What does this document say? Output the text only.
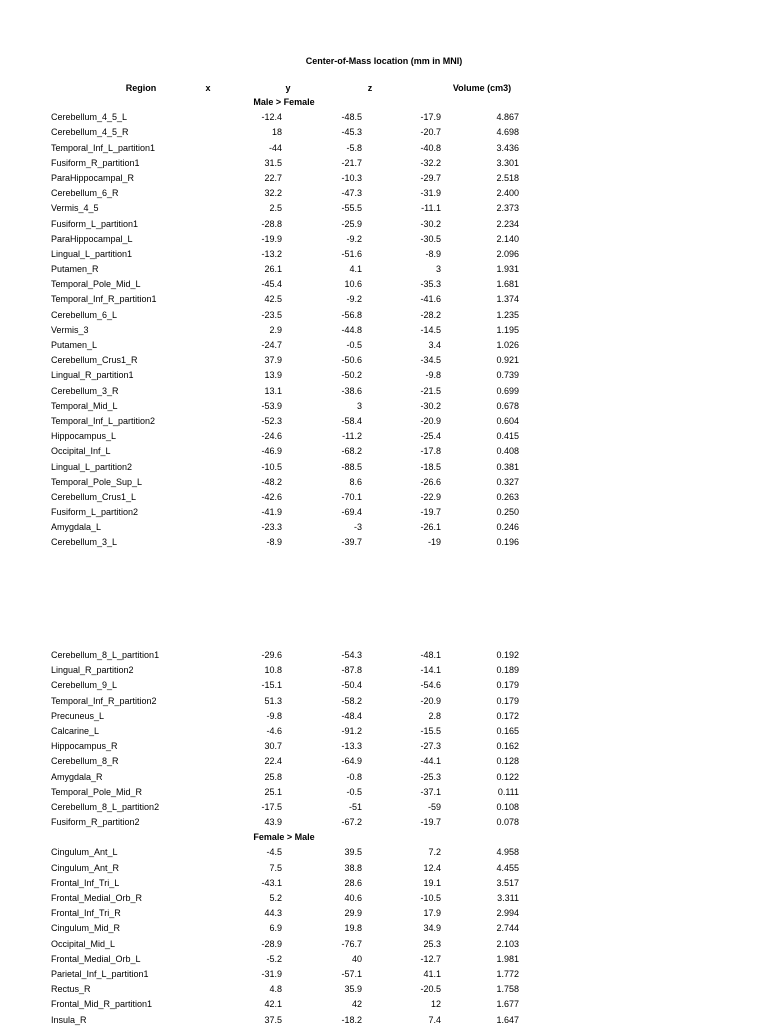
Center-of-Mass location (mm in MNI)
Region	x	y	z	Volume (cm3)
Male > Female
Cerebellum_4_5_L	-12.4	-48.5	-17.9	4.867
Cerebellum_4_5_R	18	-45.3	-20.7	4.698
Temporal_Inf_L_partition1	-44	-5.8	-40.8	3.436
Fusiform_R_partition1	31.5	-21.7	-32.2	3.301
ParaHippocampal_R	22.7	-10.3	-29.7	2.518
Cerebellum_6_R	32.2	-47.3	-31.9	2.400
Vermis_4_5	2.5	-55.5	-11.1	2.373
Fusiform_L_partition1	-28.8	-25.9	-30.2	2.234
ParaHippocampal_L	-19.9	-9.2	-30.5	2.140
Lingual_L_partition1	-13.2	-51.6	-8.9	2.096
Putamen_R	26.1	4.1	3	1.931
Temporal_Pole_Mid_L	-45.4	10.6	-35.3	1.681
Temporal_Inf_R_partition1	42.5	-9.2	-41.6	1.374
Cerebellum_6_L	-23.5	-56.8	-28.2	1.235
Vermis_3	2.9	-44.8	-14.5	1.195
Putamen_L	-24.7	-0.5	3.4	1.026
Cerebellum_Crus1_R	37.9	-50.6	-34.5	0.921
Lingual_R_partition1	13.9	-50.2	-9.8	0.739
Cerebellum_3_R	13.1	-38.6	-21.5	0.699
Temporal_Mid_L	-53.9	3	-30.2	0.678
Temporal_Inf_L_partition2	-52.3	-58.4	-20.9	0.604
Hippocampus_L	-24.6	-11.2	-25.4	0.415
Occipital_Inf_L	-46.9	-68.2	-17.8	0.408
Lingual_L_partition2	-10.5	-88.5	-18.5	0.381
Temporal_Pole_Sup_L	-48.2	8.6	-26.6	0.327
Cerebellum_Crus1_L	-42.6	-70.1	-22.9	0.263
Fusiform_L_partition2	-41.9	-69.4	-19.7	0.250
Amygdala_L	-23.3	-3	-26.1	0.246
Cerebellum_3_L	-8.9	-39.7	-19	0.196
Cerebellum_8_L_partition1	-29.6	-54.3	-48.1	0.192
Lingual_R_partition2	10.8	-87.8	-14.1	0.189
Cerebellum_9_L	-15.1	-50.4	-54.6	0.179
Temporal_Inf_R_partition2	51.3	-58.2	-20.9	0.179
Precuneus_L	-9.8	-48.4	2.8	0.172
Calcarine_L	-4.6	-91.2	-15.5	0.165
Hippocampus_R	30.7	-13.3	-27.3	0.162
Cerebellum_8_R	22.4	-64.9	-44.1	0.128
Amygdala_R	25.8	-0.8	-25.3	0.122
Temporal_Pole_Mid_R	25.1	-0.5	-37.1	0.111
Cerebellum_8_L_partition2	-17.5	-51	-59	0.108
Fusiform_R_partition2	43.9	-67.2	-19.7	0.078
Female > Male
Cingulum_Ant_L	-4.5	39.5	7.2	4.958
Cingulum_Ant_R	7.5	38.8	12.4	4.455
Frontal_Inf_Tri_L	-43.1	28.6	19.1	3.517
Frontal_Medial_Orb_R	5.2	40.6	-10.5	3.311
Frontal_Inf_Tri_R	44.3	29.9	17.9	2.994
Cingulum_Mid_R	6.9	19.8	34.9	2.744
Occipital_Mid_L	-28.9	-76.7	25.3	2.103
Frontal_Medial_Orb_L	-5.2	40	-12.7	1.981
Parietal_Inf_L_partition1	-31.9	-57.1	41.1	1.772
Rectus_R	4.8	35.9	-20.5	1.758
Frontal_Mid_R_partition1	42.1	42	12	1.677
Insula_R	37.5	-18.2	7.4	1.647
